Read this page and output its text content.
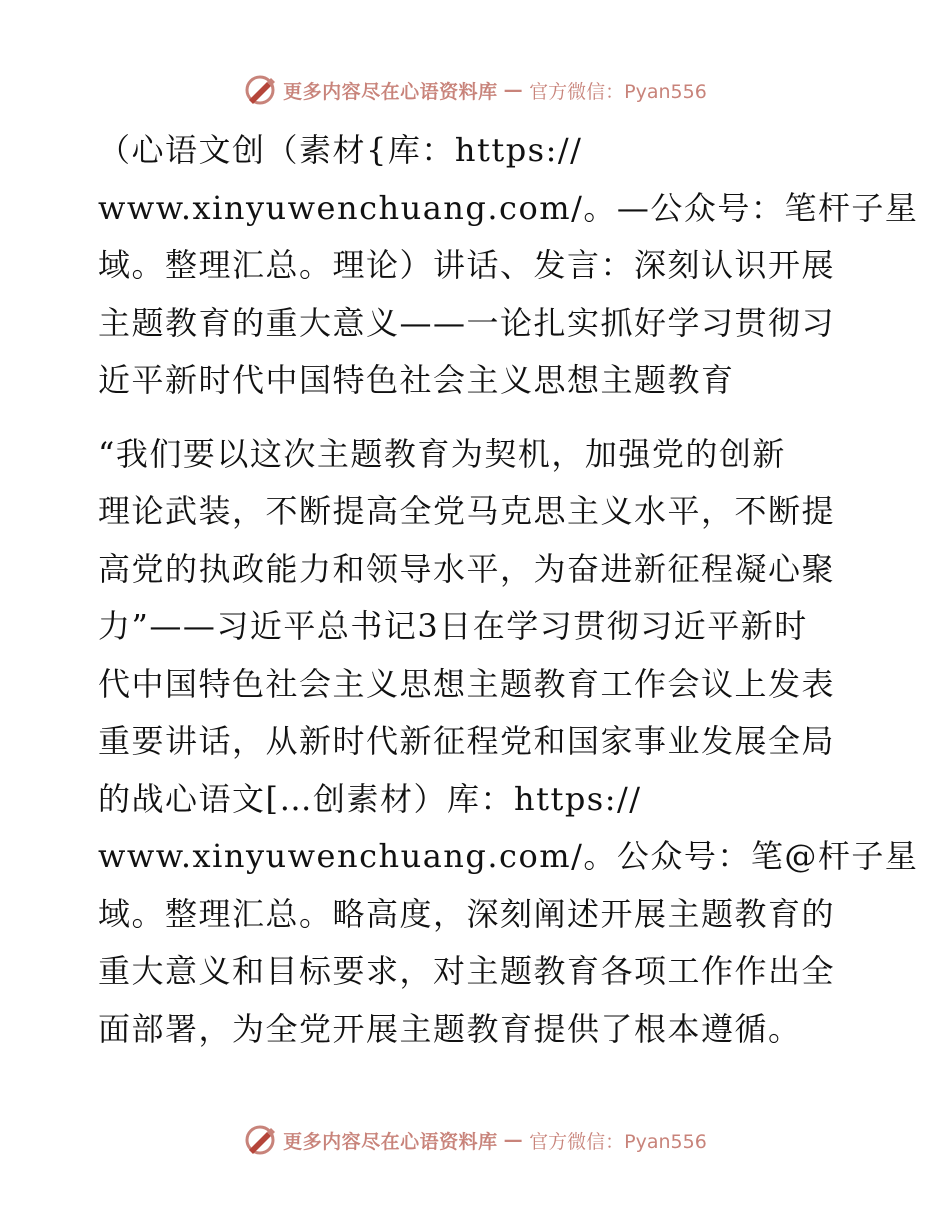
更多内容尽在心语资料库 — 官方微信：Pyan556

（心语文创（素材{库：https://
www.xinyuwenchuang.com/。—公众号：笔杆子星
域。整理汇总。理论）讲话、发言：深刻认识开展
主题教育的重大意义——一论扎实抓好学习贯彻习
近平新时代中国特色社会主义思想主题教育

“我们要以这次主题教育为契机，加强党的创新
理论武装，不断提高全党马克思主义水平，不断提
高党的执政能力和领导水平，为奋进新征程凝心聚
力”——习近平总书记3日在学习贯彻习近平新时
代中国特色社会主义思想主题教育工作会议上发表
重要讲话，从新时代新征程党和国家事业发展全局
的战心语文[…创素材）库：https://
www.xinyuwenchuang.com/。公众号：笔@杆子星
域。整理汇总。略高度，深刻阐述开展主题教育的
重大意义和目标要求，对主题教育各项工作作出全
面部署，为全党开展主题教育提供了根本遵循。

更多内容尽在心语资料库 — 官方微信：Pyan556
